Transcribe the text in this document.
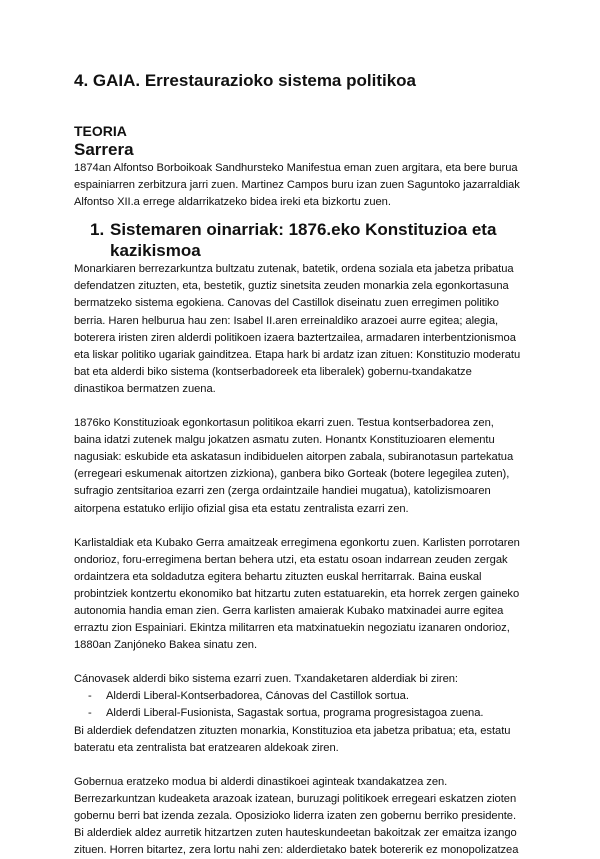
4. GAIA. Errestaurazioko sistema politikoa
TEORIA
Sarrera

1874an Alfontso Borboikoak Sandhursteko Manifestua eman zuen argitara, eta bere burua espainiarren zerbitzura jarri zuen. Martinez Campos buru izan zuen Saguntoko jazarraldiak Alfontso XII.a errege aldarrikatzeko bidea ireki eta bizkortu zuen.

1. Sistemaren oinarriak: 1876.eko Konstituzioa eta
kazikismoa

Monarkiaren berrezarkuntza bultzatu zutenak, batetik, ordena soziala eta jabetza pribatua defendatzen zituzten, eta, bestetik, guztiz sinetsita zeuden monarkia zela egonkortasuna bermatzeko sistema egokiena. Canovas del Castillok diseinatu zuen erregimen politiko berria. Haren helburua hau zen: Isabel II.aren erreinaldiko arazoei aurre egitea; alegia, boterera iristen ziren alderdi politikoen izaera baztertzailea, armadaren interbentzionismoa eta liskar politiko ugariak gainditzea. Etapa hark bi ardatz izan zituen: Konstituzio moderatu bat eta alderdi biko sistema (kontserbadoreek eta liberalek) gobernu-txandakatze dinastikoa bermatzen zuena.

1876ko Konstituzioak egonkortasun politikoa ekarri zuen. Testua kontserbadorea zen, baina idatzi zutenek malgu jokatzen asmatu zuten. Honantx Konstituzioaren elementu nagusiak: eskubide eta askatasun indibiduelen aitorpen zabala, subiranotasun partekatua (erregeari eskumenak aitortzen zizkiona), ganbera biko Gorteak (botere legegilea zuten), sufragio zentsitarioa ezarri zen (zerga ordaintzaile handiei mugatua), katolizismoaren aitorpena estatuko erlijio ofizial gisa eta estatu zentralista ezarri zen.

Karlistaldiak eta Kubako Gerra amaitzeak erregimena egonkortu zuen. Karlisten porrotaren ondorioz, foru-erregimena bertan behera utzi, eta estatu osoan indarrean zeuden zergak ordaintzera eta soldadutza egitera behartu zituzten euskal herritarrak. Baina euskal probintziek kontzertu ekonomiko bat hitzartu zuten estatuarekin, eta horrek zergen gaineko autonomia handia eman zien. Gerra karlisten amaierak Kubako matxinadei aurre egitea erraztu zion Espainiari. Ekintza militarren eta matxinatuekin negoziatu izanaren ondorioz, 1880an Zanjóneko Bakea sinatu zen.

Cánovasek alderdi biko sistema ezarri zuen. Txandaketaren alderdiak bi ziren:

- Alderdi Liberal-Kontserbadorea, Cánovas del Castillok sortua.
- Alderdi Liberal-Fusionista, Sagastak sortua, programa progresistagoa zuena.

Bi alderdiek defendatzen zituzten monarkia, Konstituzioa eta jabetza pribatua; eta, estatu bateratu eta zentralista bat eratzearen aldekoak ziren.

Gobernua eratzeko modua bi alderdi dinastikoei aginteak txandakatzea zen. Berrezarkuntzan kudeaketa arazoak izatean, buruzagi politikoek erregeari eskatzen zioten gobernu berri bat izenda zezala. Oposizioko liderra izaten zen gobernu berriko presidente. Bi alderdiek aldez aurretik hitzartzen zuten hauteskundeetan bakoitzak zer emaitza izango zituen. Horren bitartez, zera lortu nahi zen: alderdietako batek botererik ez monopolizatzea
